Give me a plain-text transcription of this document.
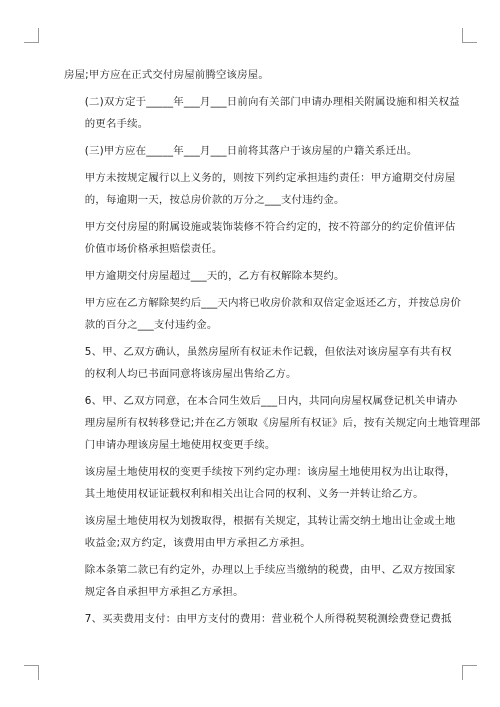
房屋;甲方应在正式交付房屋前腾空该房屋。

(二)双方定于_____年___月___日前向有关部门申请办理相关附属设施和相关权益
的更名手续。

(三)甲方应在_____年___月___日前将其落户于该房屋的户籍关系迁出。

甲方未按规定履行以上义务的，则按下列约定承担违约责任：甲方逾期交付房屋
的，每逾期一天，按总房价款的万分之___支付违约金。

甲方交付房屋的附属设施或装饰装修不符合约定的，按不符部分的约定价值评估
价值市场价格承担赔偿责任。

甲方逾期交付房屋超过___天的，乙方有权解除本契约。

甲方应在乙方解除契约后___天内将已收房价款和双倍定金返还乙方，并按总房价
款的百分之___支付违约金。

5、甲、乙双方确认，虽然房屋所有权证未作记载，但依法对该房屋享有共有权
的权利人均已书面同意将该房屋出售给乙方。

6、甲、乙双方同意，在本合同生效后___日内，共同向房屋权属登记机关申请办
理房屋所有权转移登记;并在乙方领取《房屋所有权证》后，按有关规定向土地管理部
门申请办理该房屋土地使用权变更手续。

该房屋土地使用权的变更手续按下列约定办理：该房屋土地使用权为出让取得，
其土地使用权证证载权利和相关出让合同的权利、义务一并转让给乙方。

该房屋土地使用权为划拨取得，根据有关规定，其转让需交纳土地出让金或土地
收益金;双方约定，该费用由甲方承担乙方承担。

除本条第二款已有约定外，办理以上手续应当缴纳的税费，由甲、乙双方按国家
规定各自承担甲方承担乙方承担。

7、买卖费用支付：由甲方支付的费用：营业税个人所得税契税测绘费登记费抵
